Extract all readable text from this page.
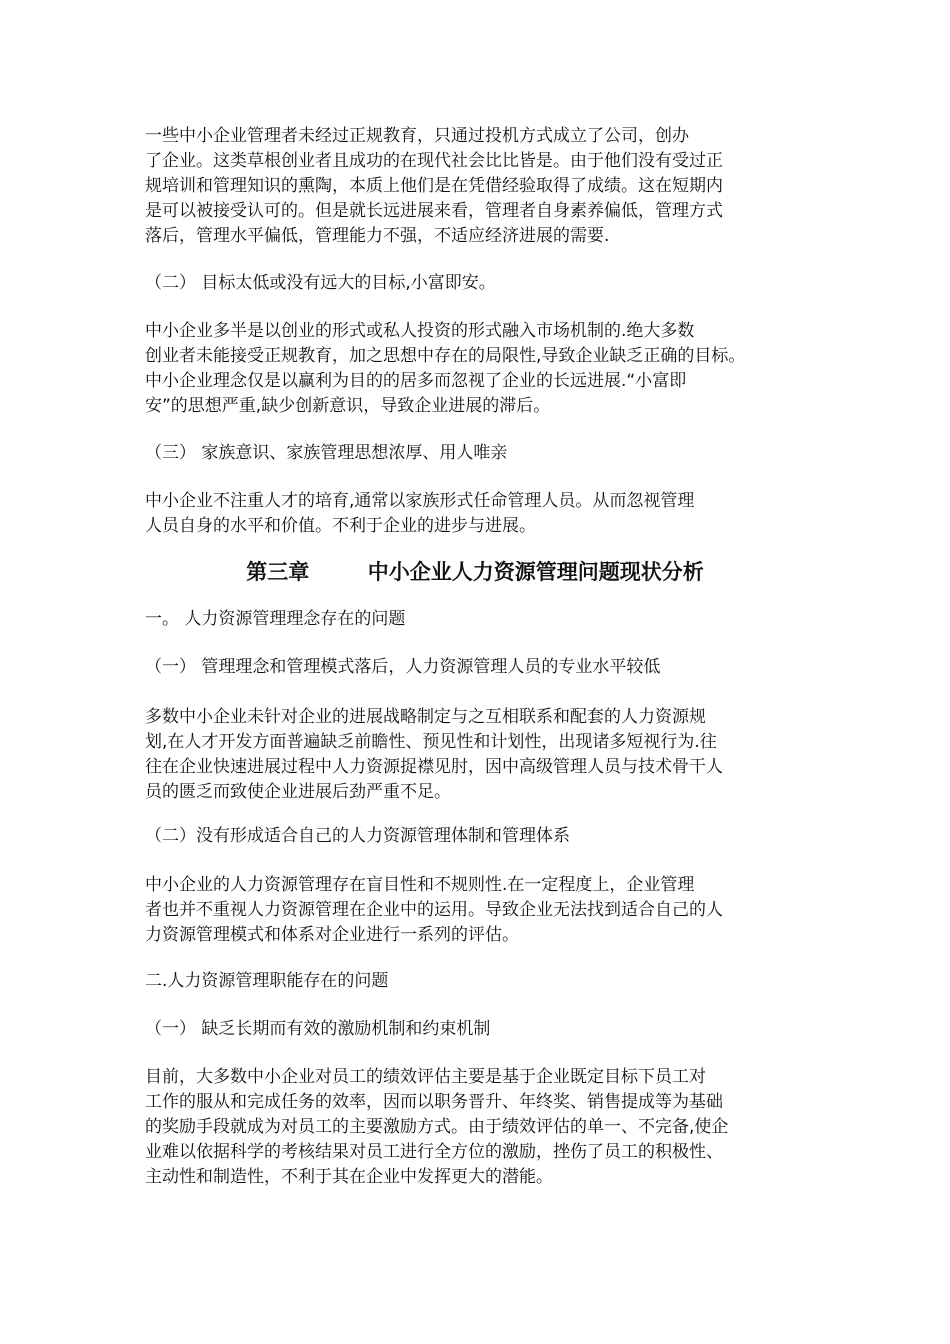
一些中小企业管理者未经过正规教育，只通过投机方式成立了公司，创办
了企业。这类草根创业者且成功的在现代社会比比皆是。由于他们没有受过正
规培训和管理知识的熏陶，本质上他们是在凭借经验取得了成绩。这在短期内
是可以被接受认可的。但是就长远进展来看，管理者自身素养偏低，管理方式
落后，管理水平偏低，管理能力不强，不适应经济进展的需要.
（二） 目标太低或没有远大的目标,小富即安。
中小企业多半是以创业的形式或私人投资的形式融入市场机制的.绝大多数
创业者未能接受正规教育，加之思想中存在的局限性,导致企业缺乏正确的目标。
中小企业理念仅是以赢利为目的的居多而忽视了企业的长远进展.“小富即
安”的思想严重,缺少创新意识，导致企业进展的滞后。
（三） 家族意识、家族管理思想浓厚、用人唯亲
中小企业不注重人才的培育,通常以家族形式任命管理人员。从而忽视管理
人员自身的水平和价值。不利于企业的进步与进展。
第三章        中小企业人力资源管理问题现状分析
一。 人力资源管理理念存在的问题
（一） 管理理念和管理模式落后，人力资源管理人员的专业水平较低
多数中小企业未针对企业的进展战略制定与之互相联系和配套的人力资源规
划,在人才开发方面普遍缺乏前瞻性、预见性和计划性，出现诸多短视行为.往
往在企业快速进展过程中人力资源捉襟见肘，因中高级管理人员与技术骨干人
员的匮乏而致使企业进展后劲严重不足。
（二）没有形成适合自己的人力资源管理体制和管理体系
中小企业的人力资源管理存在盲目性和不规则性.在一定程度上，企业管理
者也并不重视人力资源管理在企业中的运用。导致企业无法找到适合自己的人
力资源管理模式和体系对企业进行一系列的评估。
二.人力资源管理职能存在的问题
（一） 缺乏长期而有效的激励机制和约束机制
目前，大多数中小企业对员工的绩效评估主要是基于企业既定目标下员工对
工作的服从和完成任务的效率，因而以职务晋升、年终奖、销售提成等为基础
的奖励手段就成为对员工的主要激励方式。由于绩效评估的单一、不完备,使企
业难以依据科学的考核结果对员工进行全方位的激励，挫伤了员工的积极性、
主动性和制造性，不利于其在企业中发挥更大的潜能。
